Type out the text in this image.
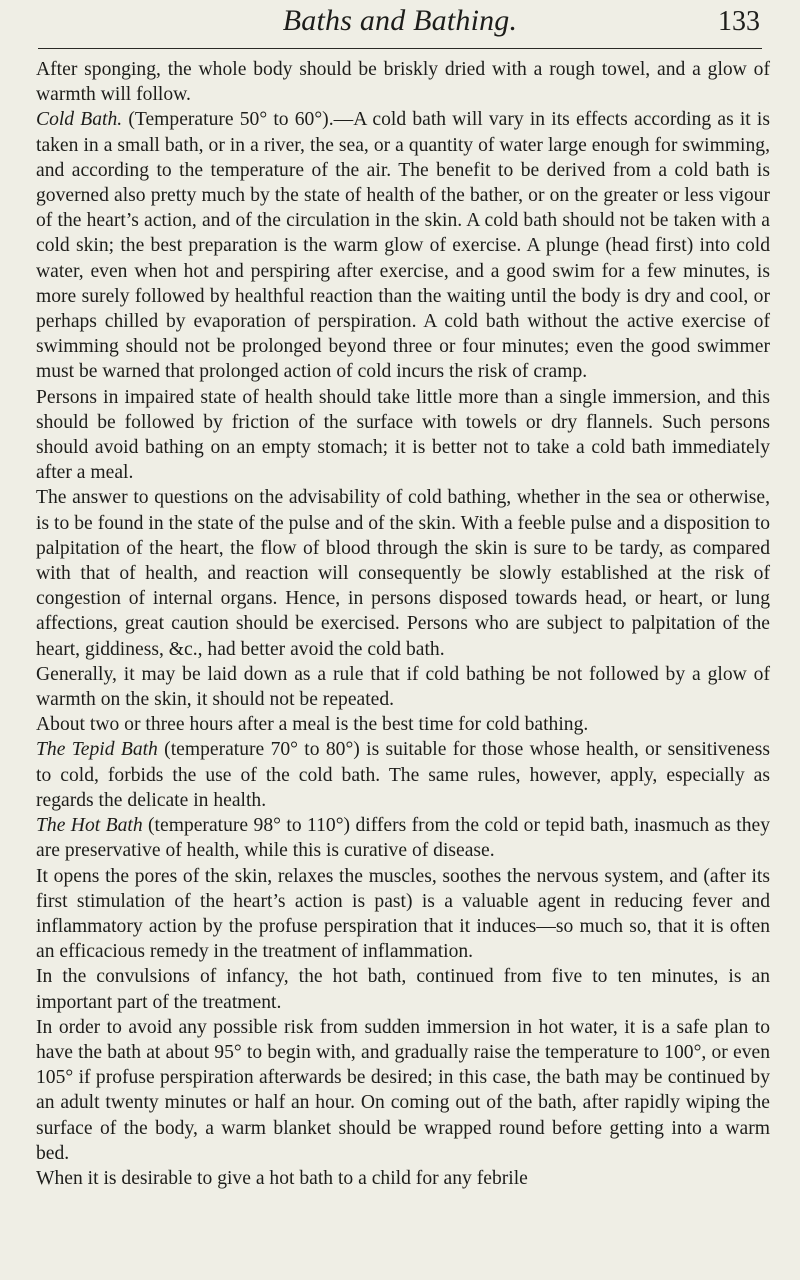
Baths and Bathing.	133

After sponging, the whole body should be briskly dried with a rough towel, and a glow of warmth will follow.

Cold Bath. (Temperature 50° to 60°).—A cold bath will vary in its effects according as it is taken in a small bath, or in a river, the sea, or a quantity of water large enough for swimming, and according to the temperature of the air. The benefit to be derived from a cold bath is governed also pretty much by the state of health of the bather, or on the greater or less vigour of the heart’s action, and of the circulation in the skin. A cold bath should not be taken with a cold skin; the best preparation is the warm glow of exercise. A plunge (head first) into cold water, even when hot and perspiring after exercise, and a good swim for a few minutes, is more surely followed by healthful reaction than the waiting until the body is dry and cool, or perhaps chilled by evaporation of perspiration. A cold bath without the active exercise of swimming should not be prolonged beyond three or four minutes; even the good swimmer must be warned that prolonged action of cold incurs the risk of cramp.

Persons in impaired state of health should take little more than a single immersion, and this should be followed by friction of the surface with towels or dry flannels. Such persons should avoid bathing on an empty stomach; it is better not to take a cold bath immediately after a meal.

The answer to questions on the advisability of cold bathing, whether in the sea or otherwise, is to be found in the state of the pulse and of the skin. With a feeble pulse and a disposition to palpitation of the heart, the flow of blood through the skin is sure to be tardy, as compared with that of health, and reaction will consequently be slowly established at the risk of congestion of internal organs. Hence, in persons disposed towards head, or heart, or lung affections, great caution should be exercised. Persons who are subject to palpitation of the heart, giddiness, &c., had better avoid the cold bath.

Generally, it may be laid down as a rule that if cold bathing be not followed by a glow of warmth on the skin, it should not be repeated.

About two or three hours after a meal is the best time for cold bathing.

The Tepid Bath (temperature 70° to 80°) is suitable for those whose health, or sensitiveness to cold, forbids the use of the cold bath. The same rules, however, apply, especially as regards the delicate in health.

The Hot Bath (temperature 98° to 110°) differs from the cold or tepid bath, inasmuch as they are preservative of health, while this is curative of disease.

It opens the pores of the skin, relaxes the muscles, soothes the nervous system, and (after its first stimulation of the heart’s action is past) is a valuable agent in reducing fever and inflammatory action by the profuse perspiration that it induces—so much so, that it is often an efficacious remedy in the treatment of inflammation.

In the convulsions of infancy, the hot bath, continued from five to ten minutes, is an important part of the treatment.

In order to avoid any possible risk from sudden immersion in hot water, it is a safe plan to have the bath at about 95° to begin with, and gradually raise the temperature to 100°, or even 105° if profuse perspiration afterwards be desired; in this case, the bath may be continued by an adult twenty minutes or half an hour. On coming out of the bath, after rapidly wiping the surface of the body, a warm blanket should be wrapped round before getting into a warm bed.

When it is desirable to give a hot bath to a child for any febrile
